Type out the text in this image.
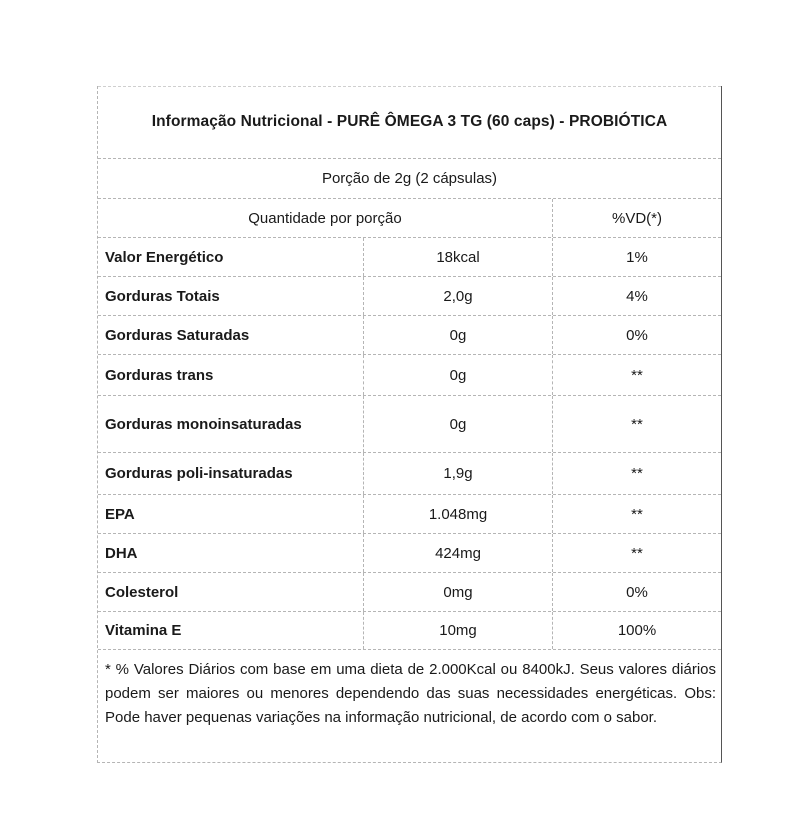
Informação Nutricional - PURÊ ÔMEGA 3 TG (60 caps) - PROBIÓTICA
Porção de 2g (2 cápsulas)
Quantidade por porção	%VD(*)
Valor Energético	18kcal	1%
Gorduras Totais	2,0g	4%
Gorduras Saturadas	0g	0%
Gorduras trans	0g	**
Gorduras monoinsaturadas	0g	**
Gorduras poli-insaturadas	1,9g	**
EPA	1.048mg	**
DHA	424mg	**
Colesterol	0mg	0%
Vitamina E	10mg	100%
* % Valores Diários com base em uma dieta de 2.000Kcal ou 8400kJ. Seus valores diários podem ser maiores ou menores dependendo das suas necessidades energéticas. Obs: Pode haver pequenas variações na informação nutricional, de acordo com o sabor.
